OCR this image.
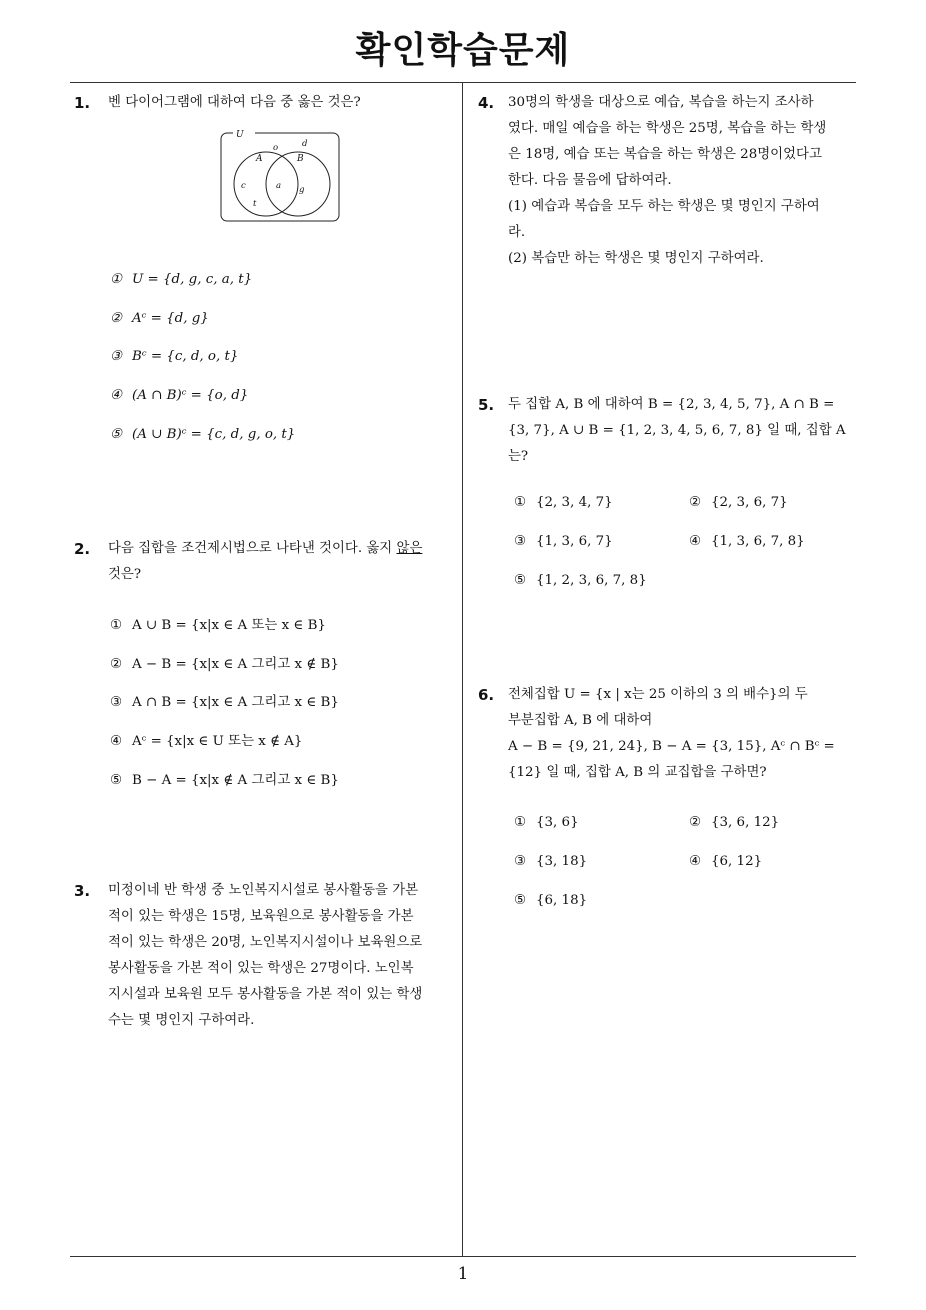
확인학습문제
1
1. 벤 다이어그램에 대하여 다음 중 옳은 것은?
U
A	B
o	d
c
t
a g
① U = {d, g, c, a, t}
② Aᶜ = {d, g}
③ Bᶜ = {c, d, o, t}
④ (A ∩ B)ᶜ = {o, d}
⑤ (A ∪ B)ᶜ = {c, d, g, o, t}
2. 다음 집합을 조건제시법으로 나타낸 것이다. 옳지 않은
것은?
① A ∪ B = {x|x ∈ A 또는 x ∈ B}
② A − B = {x|x ∈ A 그리고 x ∉ B}
③ A ∩ B = {x|x ∈ A 그리고 x ∈ B}
④ Aᶜ = {x|x ∈ U 또는 x ∉ A}
⑤ B − A = {x|x ∉ A 그리고 x ∈ B}
3. 미정이네 반 학생 중 노인복지시설로 봉사활동을 가본
적이 있는 학생은 15명, 보육원으로 봉사활동을 가본
적이 있는 학생은 20명, 노인복지시설이나 보육원으로
봉사활동을 가본 적이 있는 학생은 27명이다. 노인복
지시설과 보육원 모두 봉사활동을 가본 적이 있는 학생
수는 몇 명인지 구하여라.
4. 30명의 학생을 대상으로 예습, 복습을 하는지 조사하
였다. 매일 예습을 하는 학생은 25명, 복습을 하는 학생
은 18명, 예습 또는 복습을 하는 학생은 28명이었다고
한다. 다음 물음에 답하여라.
(1) 예습과 복습을 모두 하는 학생은 몇 명인지 구하여
라.
(2) 복습만 하는 학생은 몇 명인지 구하여라.
5. 두 집합 A, B 에 대하여 B = {2, 3, 4, 5, 7}, A ∩ B =
{3, 7}, A ∪ B = {1, 2, 3, 4, 5, 6, 7, 8} 일 때, 집합 A
는?
① {2, 3, 4, 7}	② {2, 3, 6, 7}
③ {1, 3, 6, 7}	④ {1, 3, 6, 7, 8}
⑤ {1, 2, 3, 6, 7, 8}
6. 전체집합 U = {x | x는 25 이하의 3 의 배수}의 두
부분집합 A, B 에 대하여
A − B = {9, 21, 24}, B − A = {3, 15}, Aᶜ ∩ Bᶜ =
{12} 일 때, 집합 A, B 의 교집합을 구하면?
① {3, 6}	② {3, 6, 12}
③ {3, 18}	④ {6, 12}
⑤ {6, 18}
